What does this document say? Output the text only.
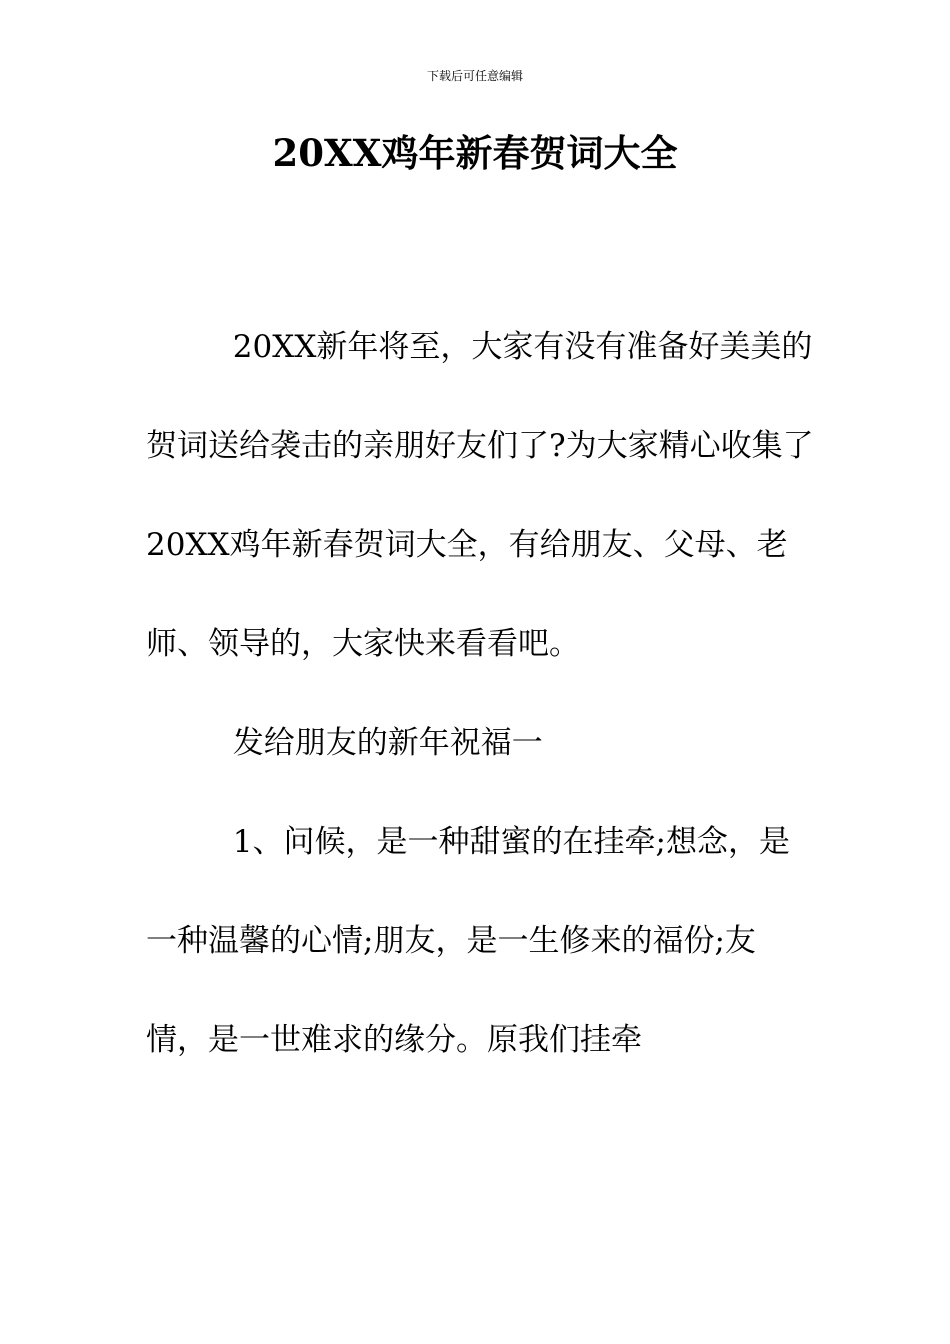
下载后可任意编辑
20XX鸡年新春贺词大全

20XX新年将至，大家有没有准备好美美的贺词送给袭击的亲朋好友们了?为大家精心收集了20XX鸡年新春贺词大全，有给朋友、父母、老师、领导的，大家快来看看吧。

发给朋友的新年祝福一

1、问候，是一种甜蜜的在挂牵;想念，是一种温馨的心情;朋友，是一生修来的福份;友情，是一世难求的缘分。原我们挂牵
